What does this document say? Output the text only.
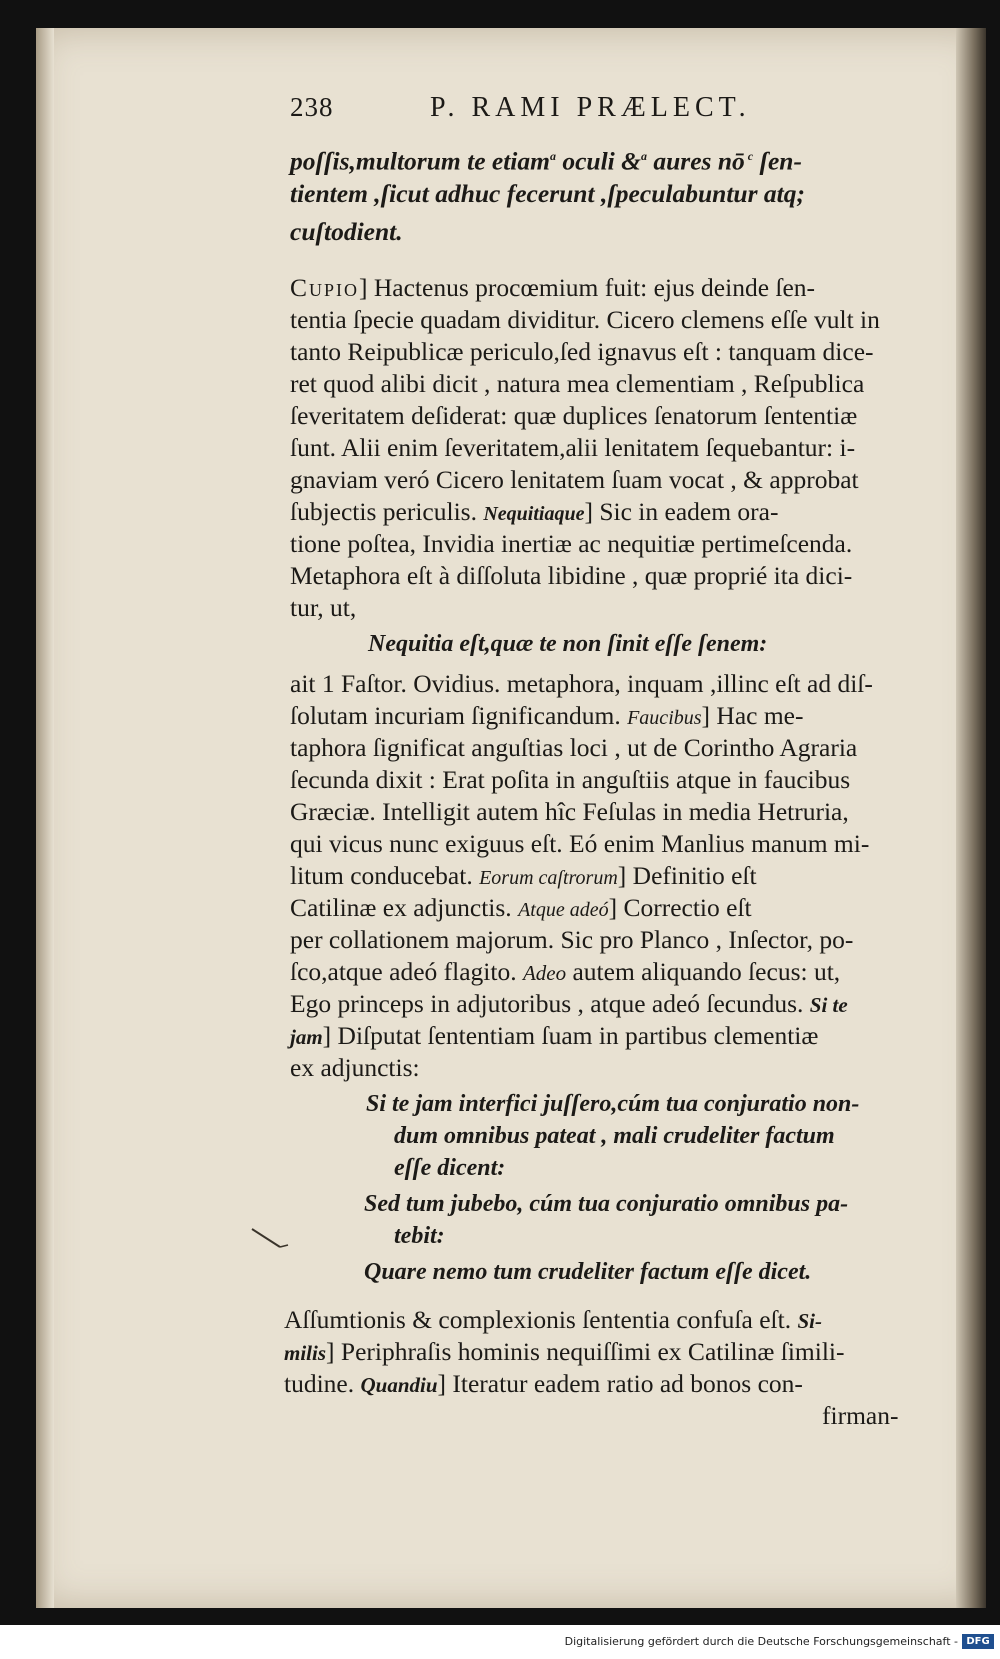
238	P. RAMI PRÆLECT.
poſſis,multorum te etiam$^a$ oculi &$^a$ aures nō $^c$ ſen-
tientem ,ſicut adhuc fecerunt ,ſpeculabuntur atq;
cuſtodient.
Cupio] Hactenus procœmium fuit: ejus deinde ſen-
tentia ſpecie quadam dividitur. Cicero clemens eſſe vult in
tanto Reipublicæ periculo,ſed ignavus eſt : tanquam dice-
ret quod alibi dicit , natura mea clementiam , Reſpublica
ſeveritatem deſiderat: quæ duplices ſenatorum ſententiæ
ſunt. Alii enim ſeveritatem,alii lenitatem ſequebantur: i-
gnaviam veró Cicero lenitatem ſuam vocat , & approbat
ſubjectis periculis. Nequitiaque] Sic in eadem ora-
tione poſtea, Invidia inertiæ ac nequitiæ pertimeſcenda.
Metaphora eſt à diſſoluta libidine , quæ proprié ita dici-
tur, ut,
Nequitia eſt,quæ te non ſinit eſſe ſenem:
ait 1 Faſtor. Ovidius. metaphora, inquam ,illinc eſt ad diſ-
ſolutam incuriam ſignificandum. Faucibus] Hac me-
taphora ſignificat anguſtias loci , ut de Corintho Agraria
ſecunda dixit : Erat poſita in anguſtiis atque in faucibus
Græciæ. Intelligit autem hîc Feſulas in media Hetruria,
qui vicus nunc exiguus eſt. Eó enim Manlius manum mi-
litum conducebat. Eorum caſtrorum] Definitio eſt
Catilinæ ex adjunctis. Atque adeó] Correctio eſt
per collationem majorum. Sic pro Planco , Inſector, po-
ſco,atque adeó flagito. Adeo autem aliquando ſecus: ut,
Ego princeps in adjutoribus , atque adeó ſecundus. Si te
jam] Diſputat ſententiam ſuam in partibus clementiæ
ex adjunctis:
Si te jam interfici juſſero,cúm tua conjuratio non-
dum omnibus pateat , mali crudeliter factum
eſſe dicent:
Sed tum jubebo, cúm tua conjuratio omnibus pa-
tebit:
Quare nemo tum crudeliter factum eſſe dicet.
Aſſumtionis & complexionis ſententia confuſa eſt. Si-
milis] Periphraſis hominis nequiſſimi ex Catilinæ ſimili-
tudine. Quandiu] Iteratur eadem ratio ad bonos con-
firman-
Digitalisierung gefördert durch die Deutsche Forschungsgemeinschaft - DFG
